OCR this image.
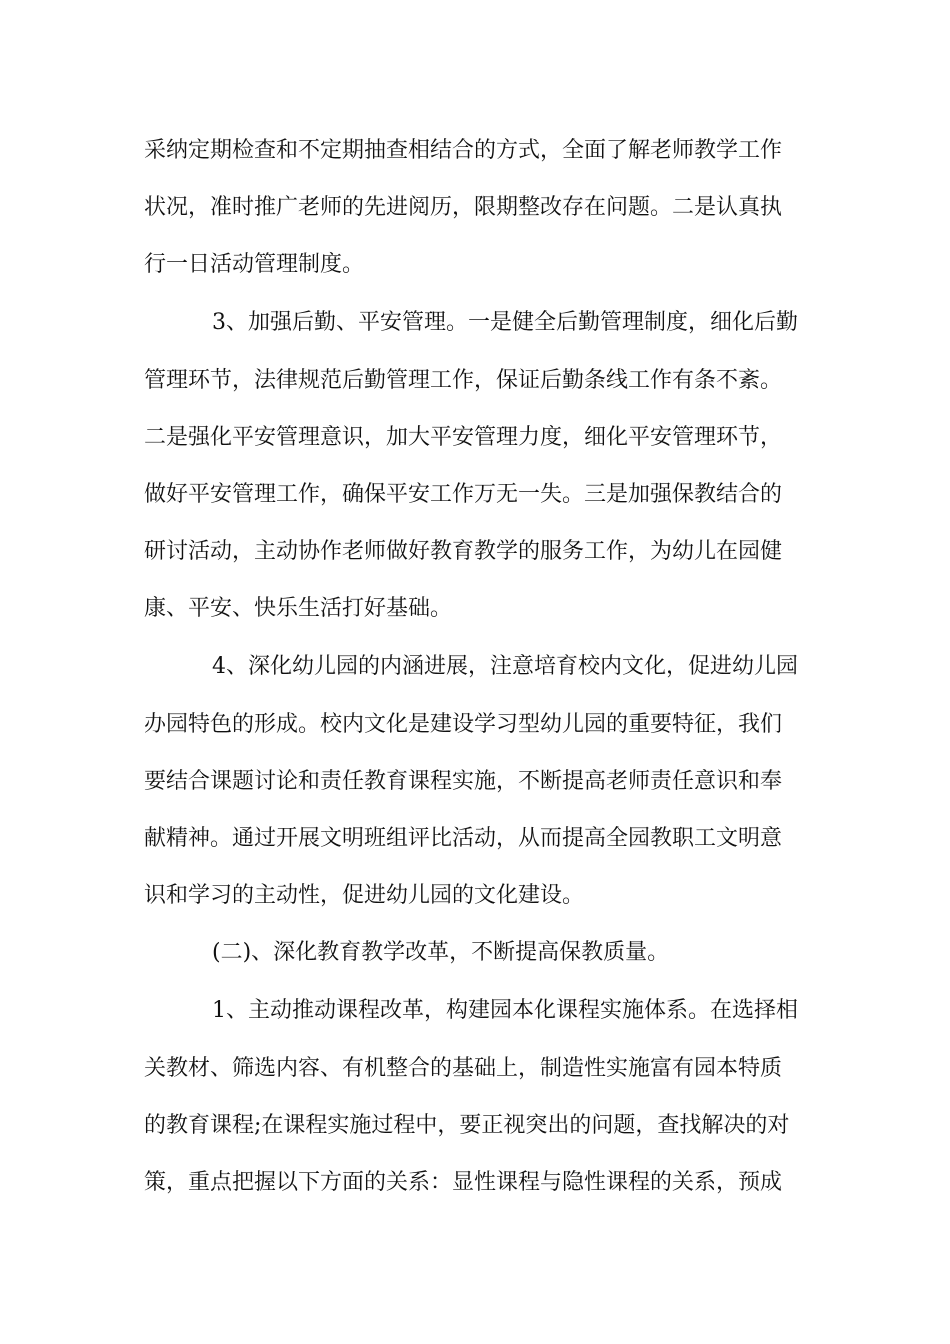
采纳定期检查和不定期抽查相结合的方式，全面了解老师教学工作

状况，准时推广老师的先进阅历，限期整改存在问题。二是认真执

行一日活动管理制度。

3、加强后勤、平安管理。一是健全后勤管理制度，细化后勤

管理环节，法律规范后勤管理工作，保证后勤条线工作有条不紊。

二是强化平安管理意识，加大平安管理力度，细化平安管理环节，

做好平安管理工作，确保平安工作万无一失。三是加强保教结合的

研讨活动，主动协作老师做好教育教学的服务工作，为幼儿在园健

康、平安、快乐生活打好基础。

4、深化幼儿园的内涵进展，注意培育校内文化，促进幼儿园

办园特色的形成。校内文化是建设学习型幼儿园的重要特征，我们

要结合课题讨论和责任教育课程实施，不断提高老师责任意识和奉

献精神。通过开展文明班组评比活动，从而提高全园教职工文明意

识和学习的主动性，促进幼儿园的文化建设。

(二)、深化教育教学改革，不断提高保教质量。

1、主动推动课程改革，构建园本化课程实施体系。在选择相

关教材、筛选内容、有机整合的基础上，制造性实施富有园本特质

的教育课程;在课程实施过程中，要正视突出的问题，查找解决的对

策，重点把握以下方面的关系：显性课程与隐性课程的关系，预成
